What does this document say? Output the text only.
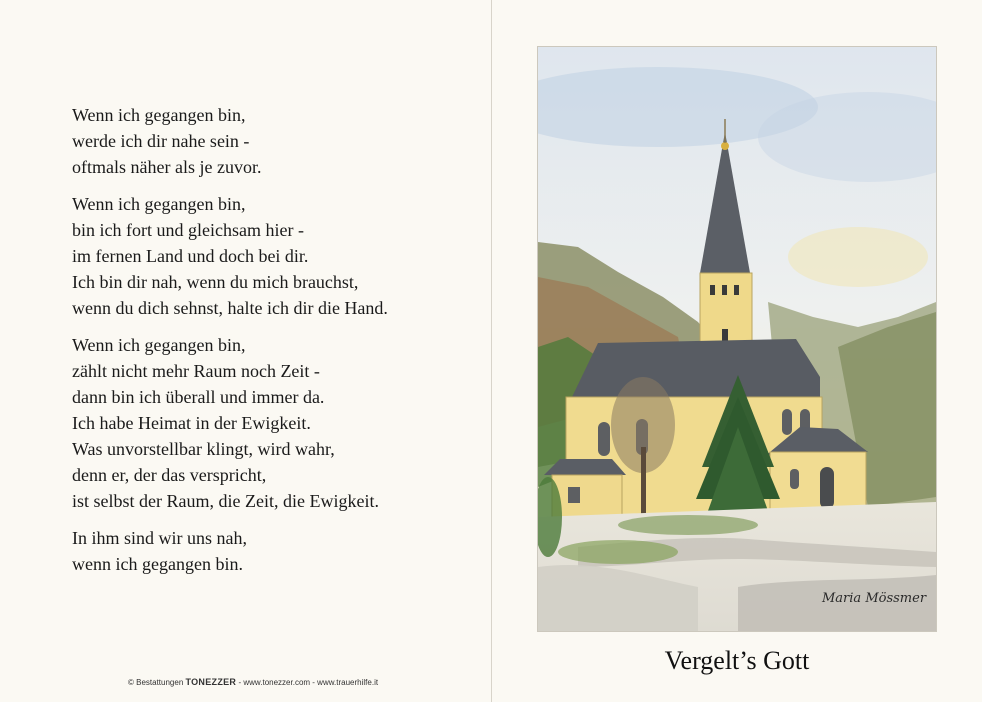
Wenn ich gegangen bin,
werde ich dir nahe sein -
oftmals näher als je zuvor.
Wenn ich gegangen bin,
bin ich fort und gleichsam hier -
im fernen Land und doch bei dir.
Ich bin dir nah, wenn du mich brauchst,
wenn du dich sehnst, halte ich dir die Hand.
Wenn ich gegangen bin,
zählt nicht mehr Raum noch Zeit -
dann bin ich überall und immer da.
Ich habe Heimat in der Ewigkeit.
Was unvorstellbar klingt, wird wahr,
denn er, der das verspricht,
ist selbst der Raum, die Zeit, die Ewigkeit.
In ihm sind wir uns nah,
wenn ich gegangen bin.
© Bestattungen TONEZZER - www.tonezzer.com - www.trauerhilfe.it
Maria Mössmer
Vergelt’s Gott
